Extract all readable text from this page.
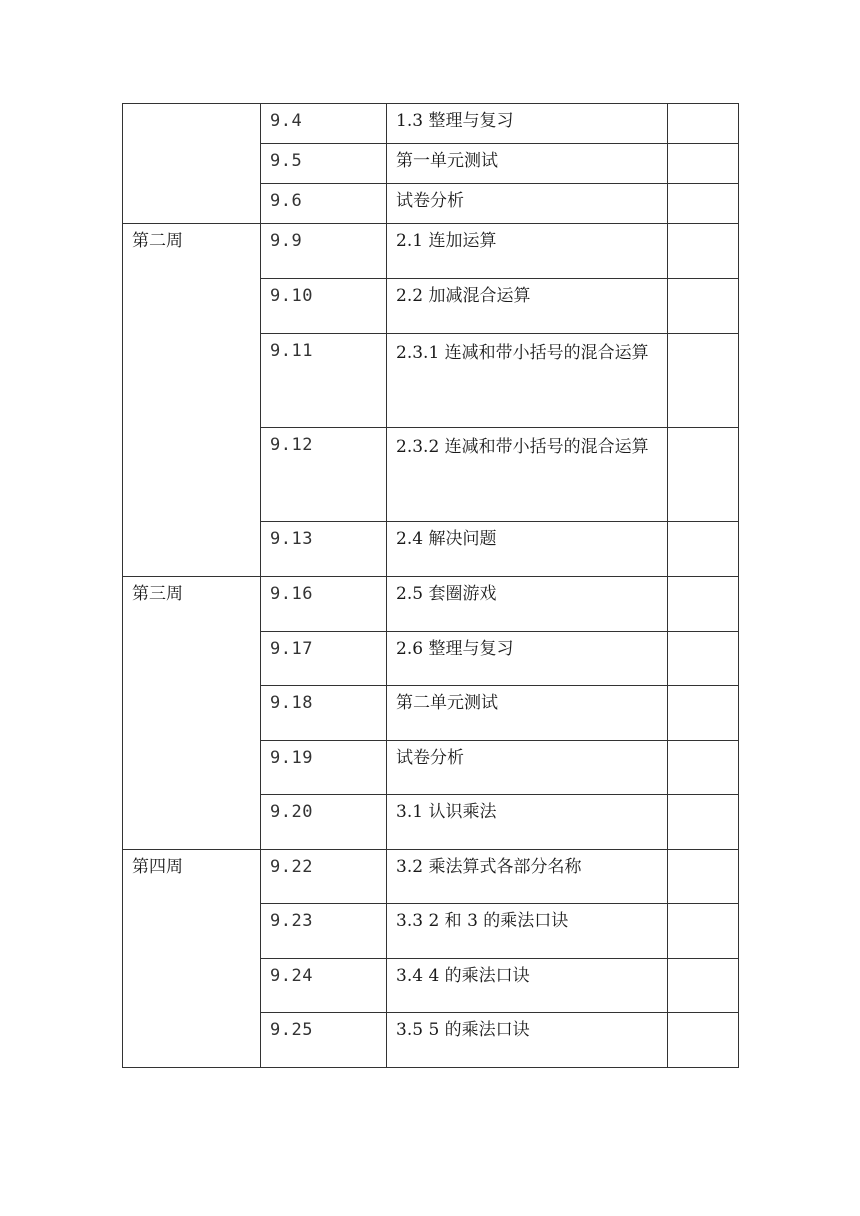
	9.4	1.3 整理与复习	

	9.5	第一单元测试	

	9.6	试卷分析	

第二周	9.9	2.1 连加运算	

	9.10	2.2 加减混合运算	

	9.11	2.3.1 连减和带小括号的混合运算	

	9.12	2.3.2 连减和带小括号的混合运算	

	9.13	2.4 解决问题	

第三周	9.16	2.5 套圈游戏	

	9.17	2.6 整理与复习	

	9.18	第二单元测试	

	9.19	试卷分析	

	9.20	3.1 认识乘法	

第四周	9.22	3.2 乘法算式各部分名称	

	9.23	3.3 2 和 3 的乘法口诀	

	9.24	3.4 4 的乘法口诀	

	9.25	3.5 5 的乘法口诀	
